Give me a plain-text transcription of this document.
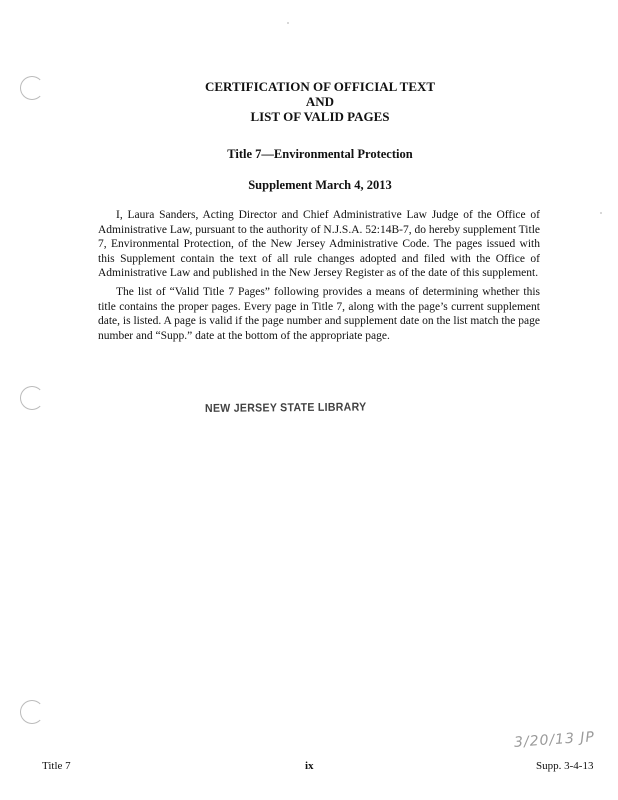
CERTIFICATION OF OFFICIAL TEXT
AND
LIST OF VALID PAGES
Title 7—Environmental Protection
Supplement March 4, 2013

I, Laura Sanders, Acting Director and Chief Administrative Law Judge of the Office of Administrative Law, pursuant to the authority of N.J.S.A. 52:14B-7, do hereby supplement Title 7, Environmental Protection, of the New Jersey Administrative Code. The pages issued with this Supplement contain the text of all rule changes adopted and filed with the Office of Administrative Law and published in the New Jersey Register as of the date of this supplement.

The list of “Valid Title 7 Pages” following provides a means of determining whether this title contains the proper pages. Every page in Title 7, along with the page’s current supplement date, is listed. A page is valid if the page number and supplement date on the list match the page number and “Supp.” date at the bottom of the appropriate page.

NEW JERSEY STATE LIBRARY
3/20/13 JP
Title 7	ix	Supp. 3-4-13
